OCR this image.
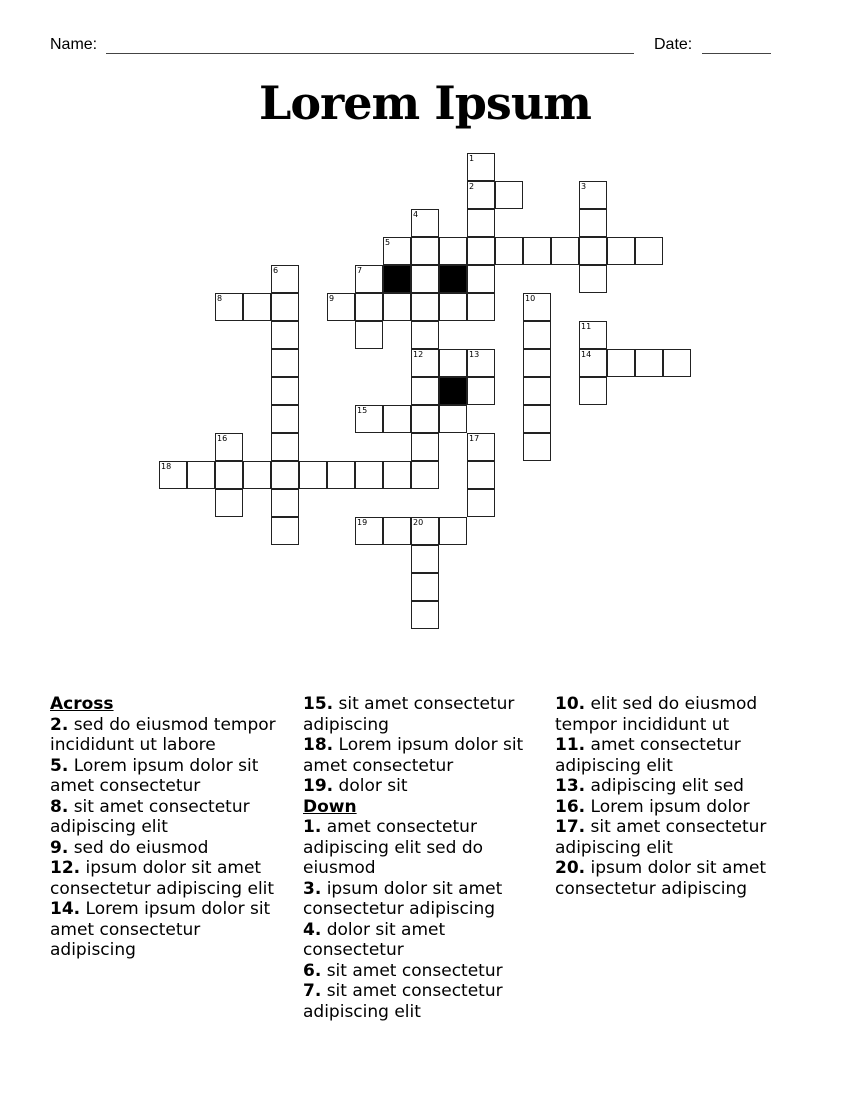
Name:	Date:
Lorem Ipsum
1
2	3
4
5
6	7
8	9	10
11
12	13	14
15
16	17
18
19	20
Across
2. sed do eiusmod tempor incididunt ut labore
5. Lorem ipsum dolor sit amet consectetur
8. sit amet consectetur adipiscing elit
9. sed do eiusmod
12. ipsum dolor sit amet consectetur adipiscing elit
14. Lorem ipsum dolor sit amet consectetur adipiscing
15. sit amet consectetur adipiscing
18. Lorem ipsum dolor sit amet consectetur
19. dolor sit
Down
1. amet consectetur adipiscing elit sed do eiusmod
3. ipsum dolor sit amet consectetur adipiscing
4. dolor sit amet consectetur
6. sit amet consectetur
7. sit amet consectetur adipiscing elit
10. elit sed do eiusmod tempor incididunt ut
11. amet consectetur adipiscing elit
13. adipiscing elit sed
16. Lorem ipsum dolor
17. sit amet consectetur adipiscing elit
20. ipsum dolor sit amet consectetur adipiscing
